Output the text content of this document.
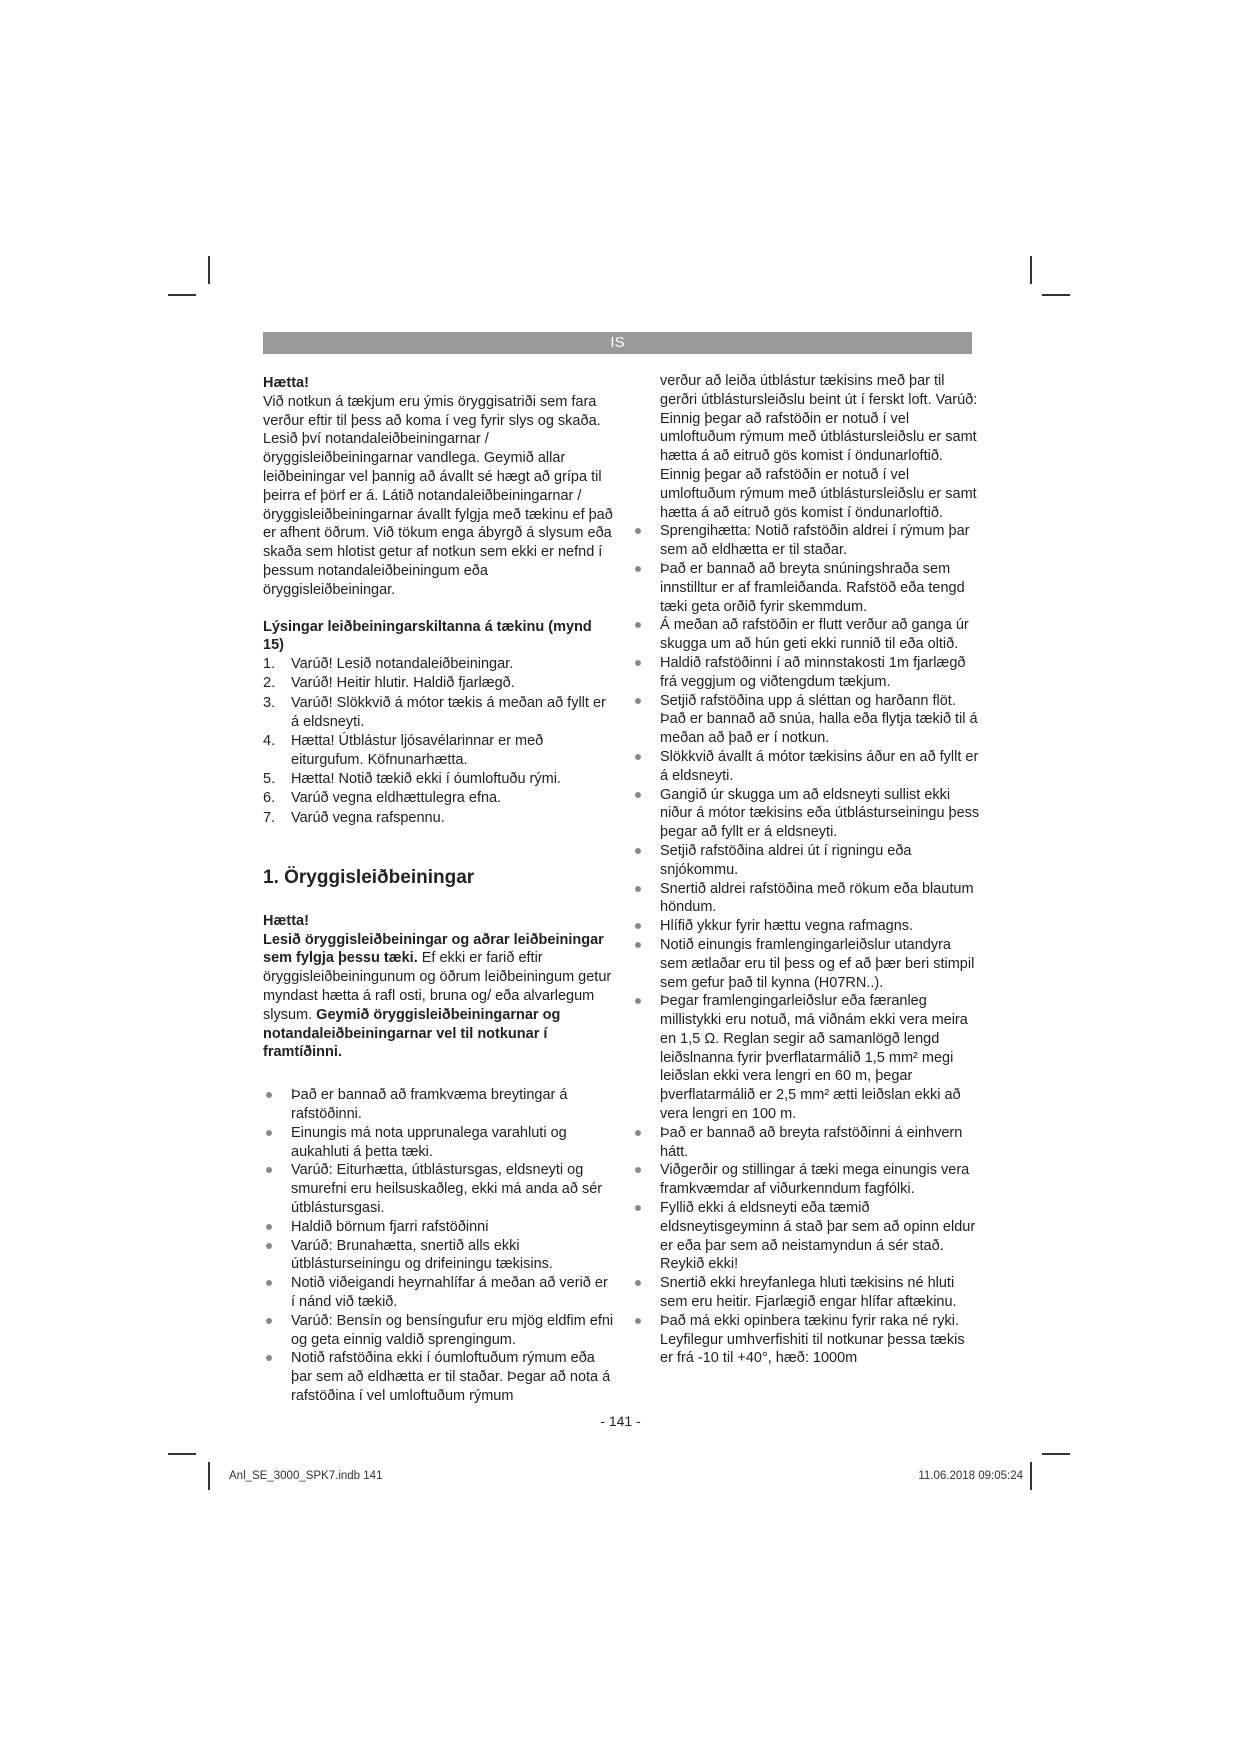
IS

Hætta!

Við notkun á tækjum eru ýmis öryggisatriði sem fara verður eftir til þess að koma í veg fyrir slys og skaða. Lesið því notandaleiðbeiningarnar / öryggisleiðbeiningarnar vandlega. Geymið allar leiðbeiningar vel þannig að ávallt sé hægt að grípa til þeirra ef þörf er á. Látið notandaleiðbeiningarnar / öryggisleiðbeiningarnar ávallt fylgja með tækinu ef það er afhent öðrum. Við tökum enga ábyrgð á slysum eða skaða sem hlotist getur af notkun sem ekki er nefnd í þessum notandaleiðbeiningum eða öryggisleiðbeiningar.

Lýsingar leiðbeiningarskiltanna á tækinu (mynd 15)

1.	Varúð! Lesið notandaleiðbeiningar.
2.	Varúð! Heitir hlutir. Haldið fjarlægð.
3.	Varúð! Slökkvið á mótor tækis á meðan að fyllt er á eldsneyti.
4.	Hætta! Útblástur ljósavélarinnar er með eiturgufum. Köfnunarhætta.
5.	Hætta! Notið tækið ekki í óumloftuðu rými.
6.	Varúð vegna eldhættulegra efna.
7.	Varúð vegna rafspennu.
1. Öryggisleiðbeiningar

Hætta!

Lesið öryggisleiðbeiningar og aðrar leiðbeiningar sem fylgja þessu tæki. Ef ekki er farið eftir öryggisleiðbeiningunum og öðrum leiðbeiningum getur myndast hætta á rafl osti, bruna og/ eða alvarlegum slysum. Geymið öryggisleiðbeiningarnar og notandaleiðbeiningarnar vel til notkunar í framtíðinni.

Það er bannað að framkvæma breytingar á rafstöðinni.
Einungis má nota upprunalega varahluti og aukahluti á þetta tæki.
Varúð: Eiturhætta, útblástursgas, eldsneyti og smurefni eru heilsuskaðleg, ekki má anda að sér útblástursgasi.
Haldið börnum fjarri rafstöðinni
Varúð: Brunahætta, snertið alls ekki útblásturseiningu og drifeiningu tækisins.
Notið viðeigandi heyrnahlífar á meðan að verið er í nánd við tækið.
Varúð: Bensín og bensíngufur eru mjög eldfim efni og geta einnig valdið sprengingum.
Notið rafstöðina ekki í óumloftuðum rýmum eða þar sem að eldhætta er til staðar. Þegar að nota á rafstöðina í vel umloftuðum rýmum

verður að leiða útblástur tækisins með þar til gerðri útblástursleiðslu beint út í ferskt loft. Varúð: Einnig þegar að rafstöðin er notuð í vel umloftuðum rýmum með útblástursleiðslu er samt hætta á að eitruð gös komist í öndunarloftið. Einnig þegar að rafstöðin er notuð í vel umloftuðum rýmum með útblástursleiðslu er samt hætta á að eitruð gös komist í öndunarloftið.

Sprengihætta: Notið rafstöðin aldrei í rýmum þar sem að eldhætta er til staðar.
Það er bannað að breyta snúningshraða sem innstilltur er af framleiðanda. Rafstöð eða tengd tæki geta orðið fyrir skemmdum.
Á meðan að rafstöðin er flutt verður að ganga úr skugga um að hún geti ekki runnið til eða oltið.
Haldið rafstöðinni í að minnstakosti 1m fjarlægð frá veggjum og viðtengdum tækjum.
Setjið rafstöðina upp á sléttan og harðann flöt. Það er bannað að snúa, halla eða flytja tækið til á meðan að það er í notkun.
Slökkvið ávallt á mótor tækisins áður en að fyllt er á eldsneyti.
Gangið úr skugga um að eldsneyti sullist ekki niður á mótor tækisins eða útblásturseiningu þess þegar að fyllt er á eldsneyti.
Setjið rafstöðina aldrei út í rigningu eða snjókommu.
Snertið aldrei rafstöðina með rökum eða blautum höndum.
Hlífið ykkur fyrir hættu vegna rafmagns.
Notið einungis framlengingarleiðslur utandyra sem ætlaðar eru til þess og ef að þær beri stimpil sem gefur það til kynna (H07RN..).
Þegar framlengingarleiðslur eða færanleg millistykki eru notuð, má viðnám ekki vera meira en 1,5 Ω. Reglan segir að samanlögð lengd leiðslnanna fyrir þverflatarmálið 1,5 mm² megi leiðslan ekki vera lengri en 60 m, þegar þverflatarmálið er 2,5 mm² ætti leiðslan ekki að vera lengri en 100 m.
Það er bannað að breyta rafstöðinni á einhvern hátt.
Viðgerðir og stillingar á tæki mega einungis vera framkvæmdar af viðurkenndum fagfólki.
Fyllið ekki á eldsneyti eða tæmið eldsneytisgeyminn á stað þar sem að opinn eldur er eða þar sem að neistamyndun á sér stað. Reykið ekki!
Snertið ekki hreyfanlega hluti tækisins né hluti sem eru heitir. Fjarlægið engar hlífar aftækinu.
Það má ekki opinbera tækinu fyrir raka né ryki. Leyfilegur umhverfishiti til notkunar þessa tækis er frá -10 til +40°, hæð: 1000m
- 141 -
Anl_SE_3000_SPK7.indb 141	11.06.2018 09:05:24
